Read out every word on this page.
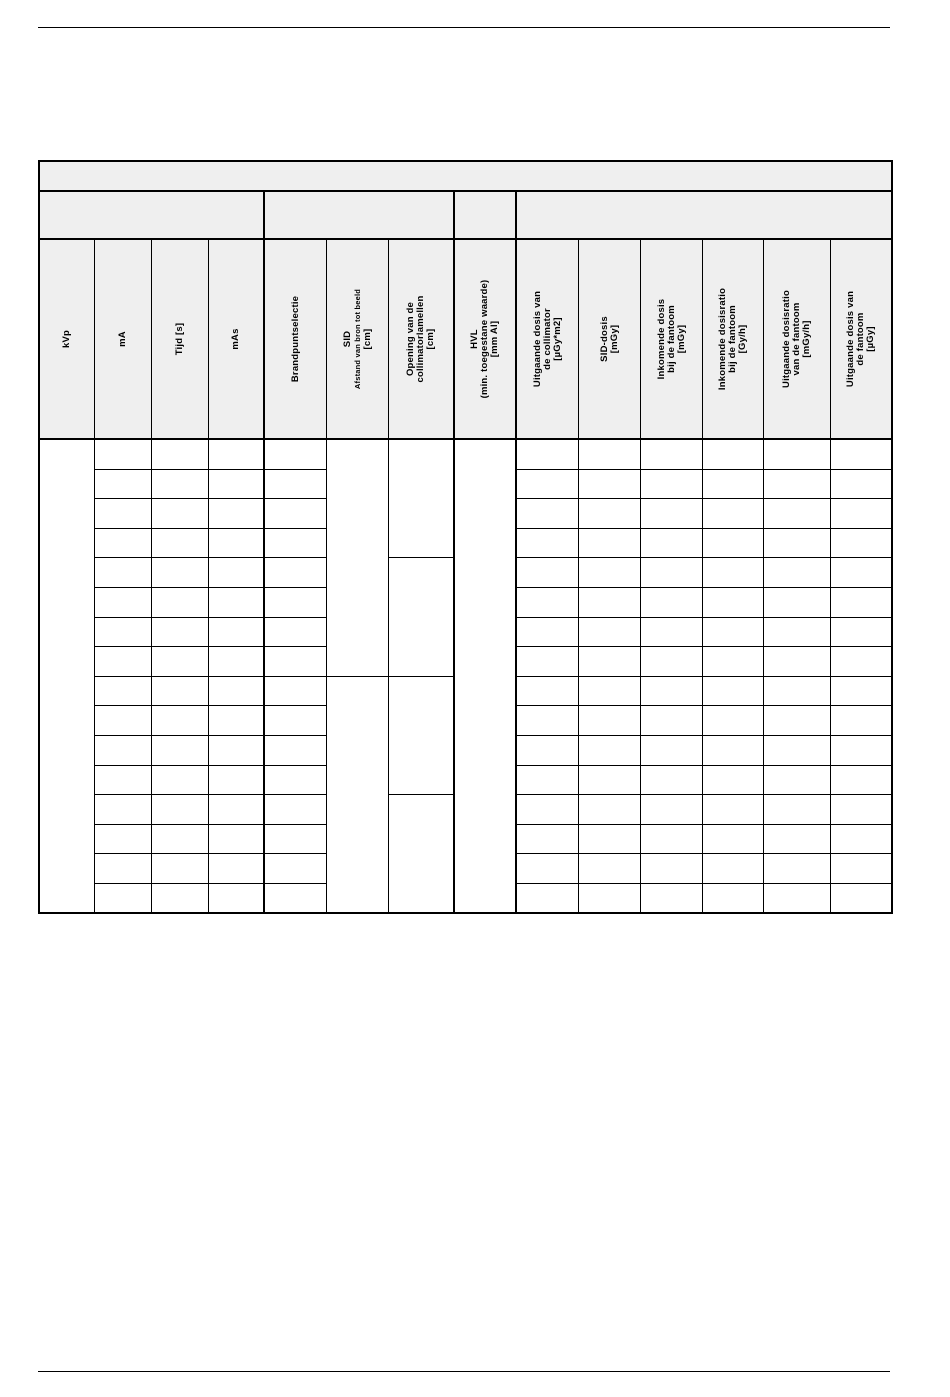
kVp	mA	Tijd [s]	mAs	Brandpuntselectie	SID Afstand van bron tot beeld [cm]	Opening van de collimatorlamellen [cm]	HVL (min. toegestane waarde) [mm Al]	Uitgaande dosis van de collimator [µGy*m2]	SID-dosis [mGy]	Inkomende dosis bij de fantoom [mGy]	Inkomende dosisratio bij de fantoom [Gy/h]	Uitgaande dosisratio van de fantoom [mGy/h]	Uitgaande dosis van de fantoom [µGy]
